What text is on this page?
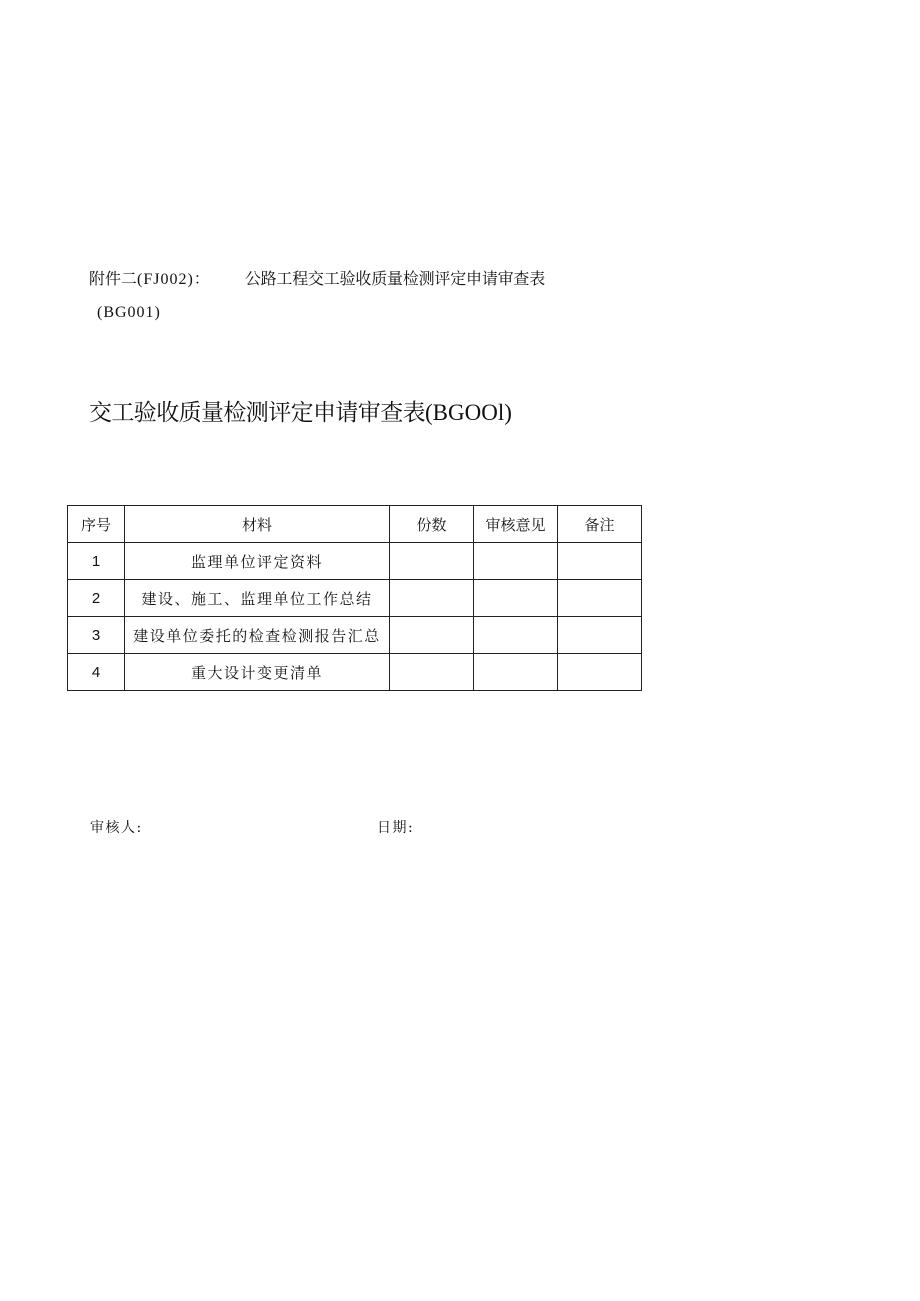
附件二 (FJ002)： 公路工程交工验收质量检测评定申请审查表
(BG001)
交工验收质量检测评定申请审查表(BGOOl)
序号	材料	份数	审核意见	备注
1	监理单位评定资料			
2	建设、施工、监理单位工作总结			
3	建设单位委托的检查检测报告汇总			
4	重大设计变更清单			
审核人:	日期:
